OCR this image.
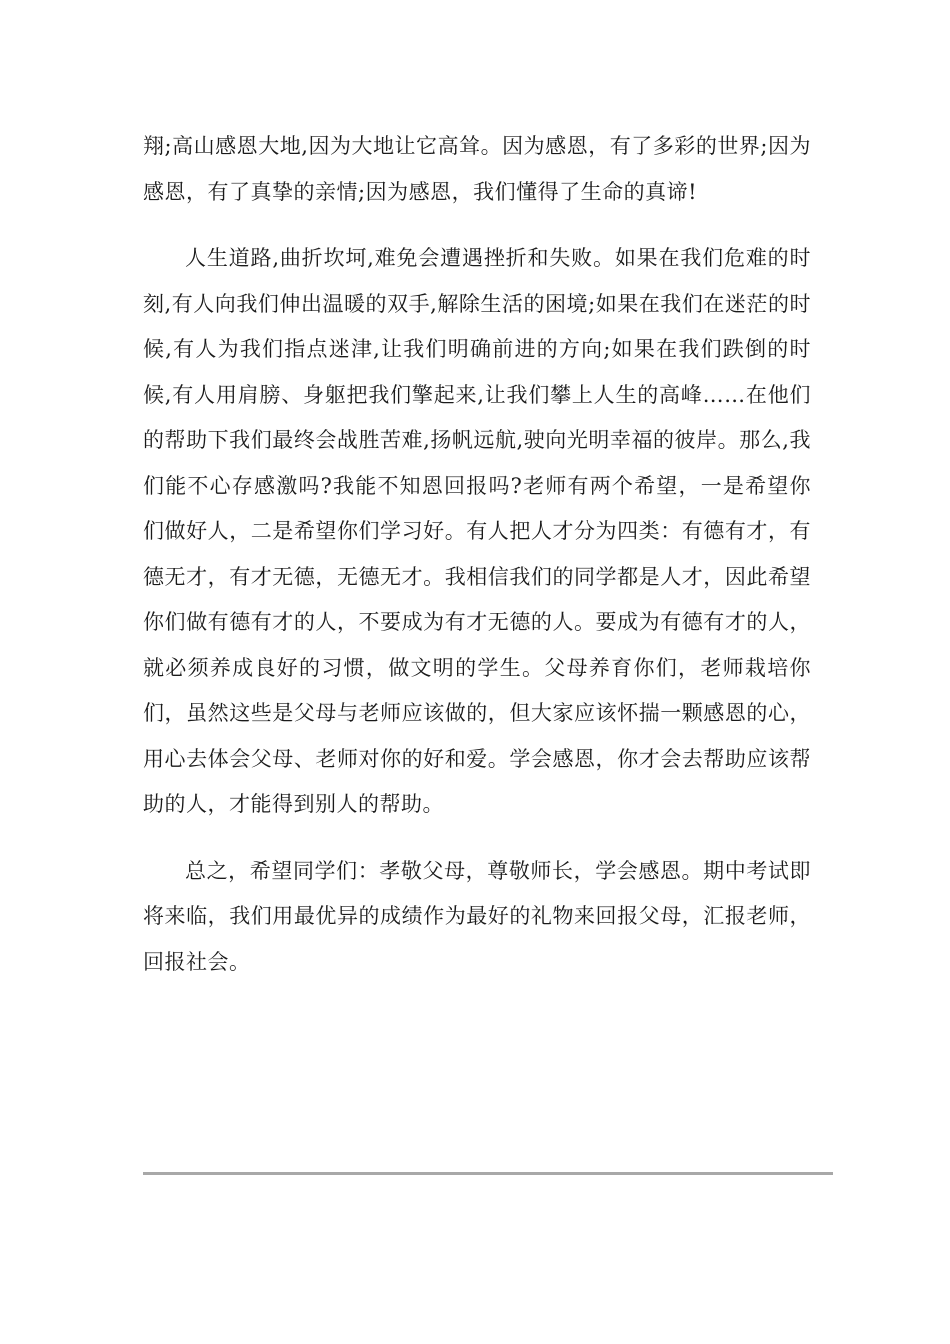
翔;高山感恩大地,因为大地让它高耸。因为感恩，有了多彩的世界;因为感恩，有了真挚的亲情;因为感恩，我们懂得了生命的真谛!

人生道路,曲折坎坷,难免会遭遇挫折和失败。如果在我们危难的时刻,有人向我们伸出温暖的双手,解除生活的困境;如果在我们在迷茫的时候,有人为我们指点迷津,让我们明确前进的方向;如果在我们跌倒的时候,有人用肩膀、身躯把我们擎起来,让我们攀上人生的高峰……在他们的帮助下我们最终会战胜苦难,扬帆远航,驶向光明幸福的彼岸。那么,我们能不心存感激吗?我能不知恩回报吗?老师有两个希望，一是希望你们做好人，二是希望你们学习好。有人把人才分为四类：有德有才，有德无才，有才无德，无德无才。我相信我们的同学都是人才，因此希望你们做有德有才的人，不要成为有才无德的人。要成为有德有才的人，就必须养成良好的习惯，做文明的学生。父母养育你们，老师栽培你们，虽然这些是父母与老师应该做的，但大家应该怀揣一颗感恩的心，用心去体会父母、老师对你的好和爱。学会感恩，你才会去帮助应该帮助的人，才能得到别人的帮助。

总之，希望同学们：孝敬父母，尊敬师长，学会感恩。期中考试即将来临，我们用最优异的成绩作为最好的礼物来回报父母，汇报老师，回报社会。
